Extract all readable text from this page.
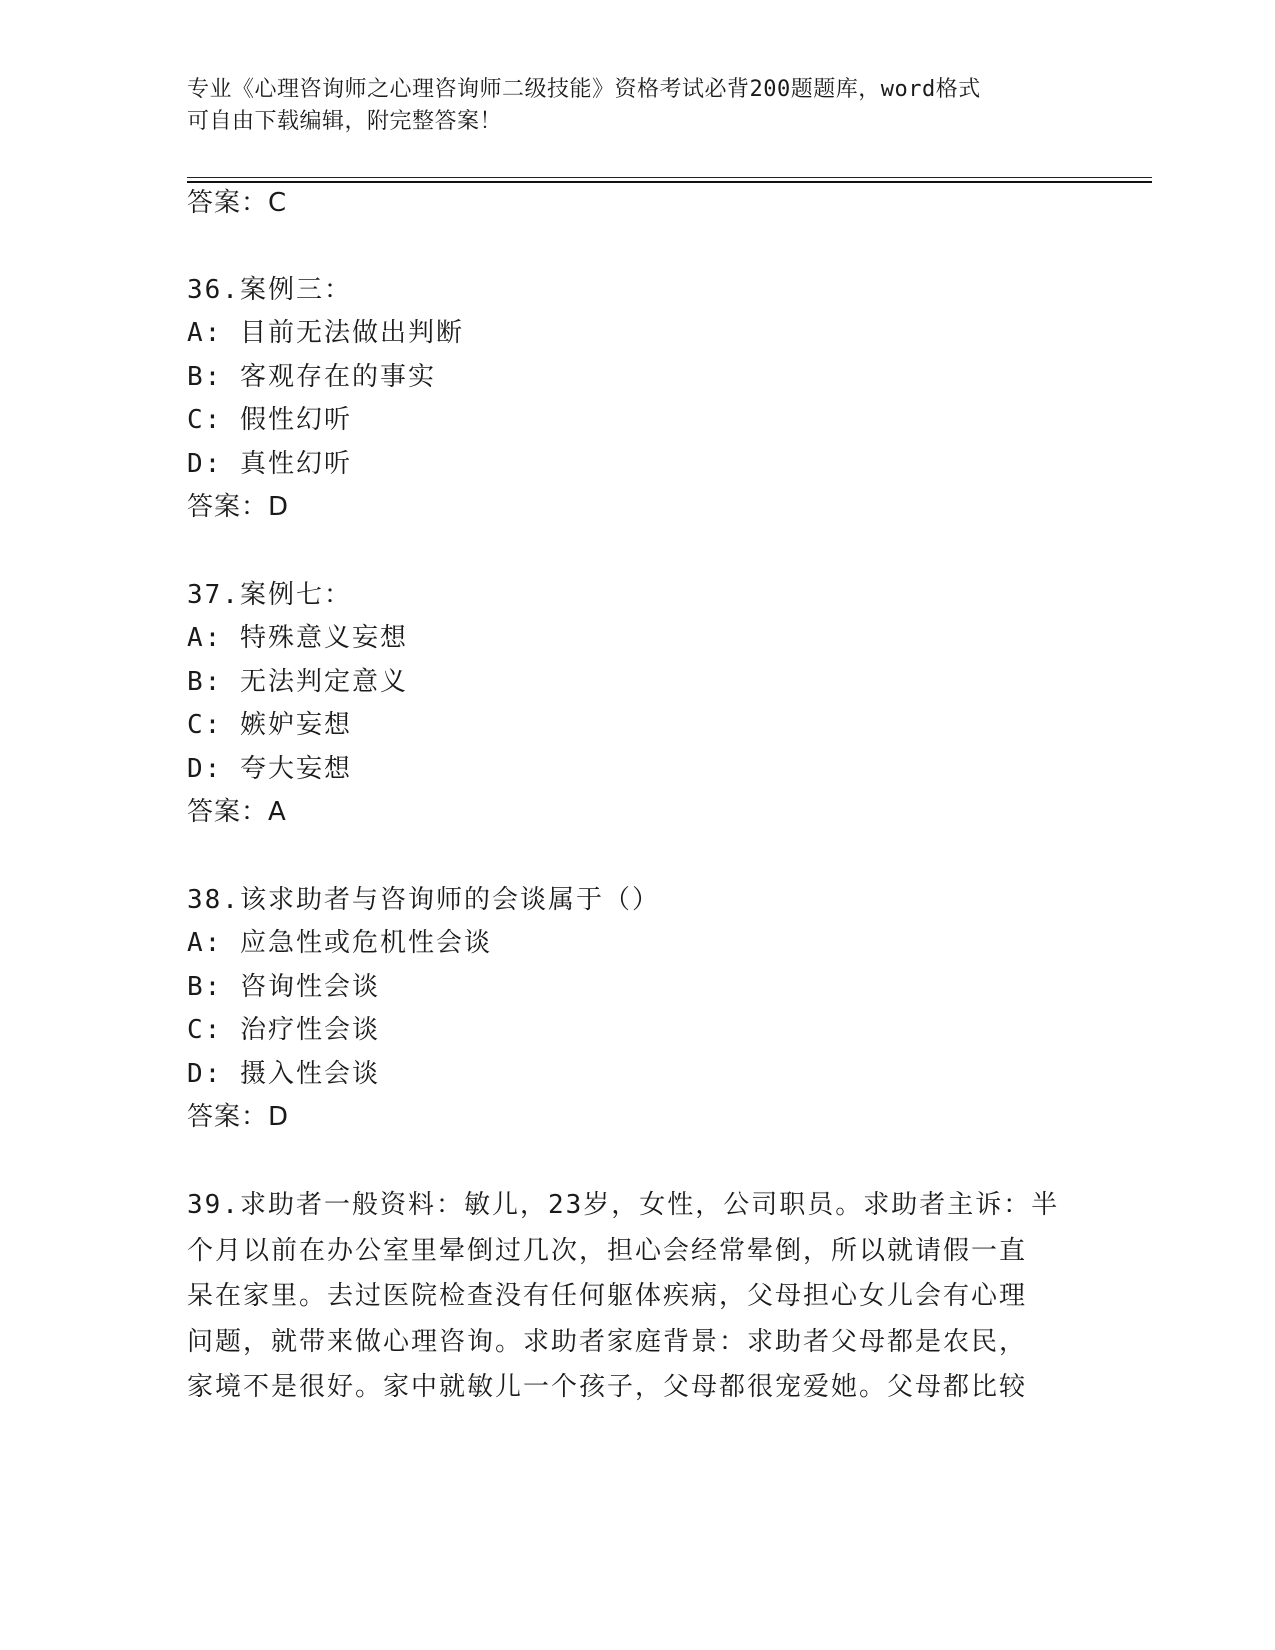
专业《心理咨询师之心理咨询师二级技能》资格考试必背200题题库，word格式
可自由下载编辑，附完整答案！
答案：C
36.案例三：
A: 目前无法做出判断
B: 客观存在的事实
C: 假性幻听
D: 真性幻听
答案：D
37.案例七：
A: 特殊意义妄想
B: 无法判定意义
C: 嫉妒妄想
D: 夸大妄想
答案：A
38.该求助者与咨询师的会谈属于（）
A: 应急性或危机性会谈
B: 咨询性会谈
C: 治疗性会谈
D: 摄入性会谈
答案：D
39.求助者一般资料：敏儿，23岁，女性，公司职员。求助者主诉：半
个月以前在办公室里晕倒过几次，担心会经常晕倒，所以就请假一直
呆在家里。去过医院检查没有任何躯体疾病，父母担心女儿会有心理
问题，就带来做心理咨询。求助者家庭背景：求助者父母都是农民，
家境不是很好。家中就敏儿一个孩子，父母都很宠爱她。父母都比较
